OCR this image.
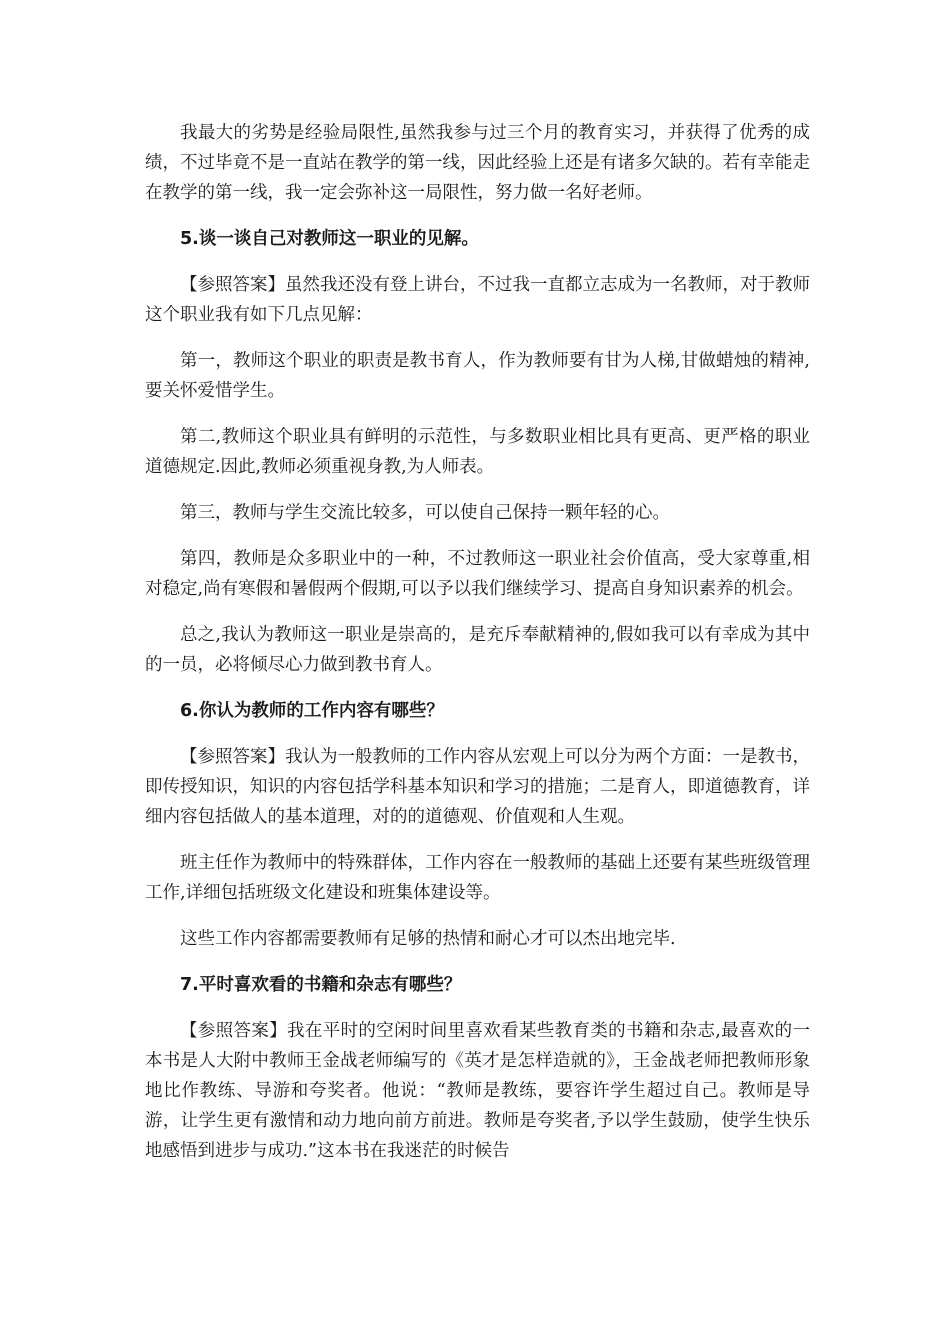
我最大的劣势是经验局限性,虽然我参与过三个月的教育实习，并获得了优秀的成绩，不过毕竟不是一直站在教学的第一线，因此经验上还是有诸多欠缺的。若有幸能走在教学的第一线，我一定会弥补这一局限性，努力做一名好老师。

5.谈一谈自己对教师这一职业的见解。

【参照答案】虽然我还没有登上讲台，不过我一直都立志成为一名教师，对于教师这个职业我有如下几点见解：

第一，教师这个职业的职责是教书育人，作为教师要有甘为人梯,甘做蜡烛的精神,要关怀爱惜学生。

第二,教师这个职业具有鲜明的示范性，与多数职业相比具有更高、更严格的职业道德规定.因此,教师必须重视身教,为人师表。

第三，教师与学生交流比较多，可以使自己保持一颗年轻的心。

第四，教师是众多职业中的一种，不过教师这一职业社会价值高，受大家尊重,相对稳定,尚有寒假和暑假两个假期,可以予以我们继续学习、提高自身知识素养的机会。

总之,我认为教师这一职业是崇高的，是充斥奉献精神的,假如我可以有幸成为其中的一员，必将倾尽心力做到教书育人。

6.你认为教师的工作内容有哪些？

【参照答案】我认为一般教师的工作内容从宏观上可以分为两个方面：一是教书，即传授知识，知识的内容包括学科基本知识和学习的措施；二是育人，即道德教育，详细内容包括做人的基本道理，对的的道德观、价值观和人生观。

班主任作为教师中的特殊群体，工作内容在一般教师的基础上还要有某些班级管理工作,详细包括班级文化建设和班集体建设等。

这些工作内容都需要教师有足够的热情和耐心才可以杰出地完毕.

7.平时喜欢看的书籍和杂志有哪些？

【参照答案】我在平时的空闲时间里喜欢看某些教育类的书籍和杂志,最喜欢的一本书是人大附中教师王金战老师编写的《英才是怎样造就的》，王金战老师把教师形象地比作教练、导游和夸奖者。他说：“教师是教练，要容许学生超过自己。教师是导游，让学生更有激情和动力地向前方前进。教师是夸奖者,予以学生鼓励，使学生快乐地感悟到进步与成功.”这本书在我迷茫的时候告
